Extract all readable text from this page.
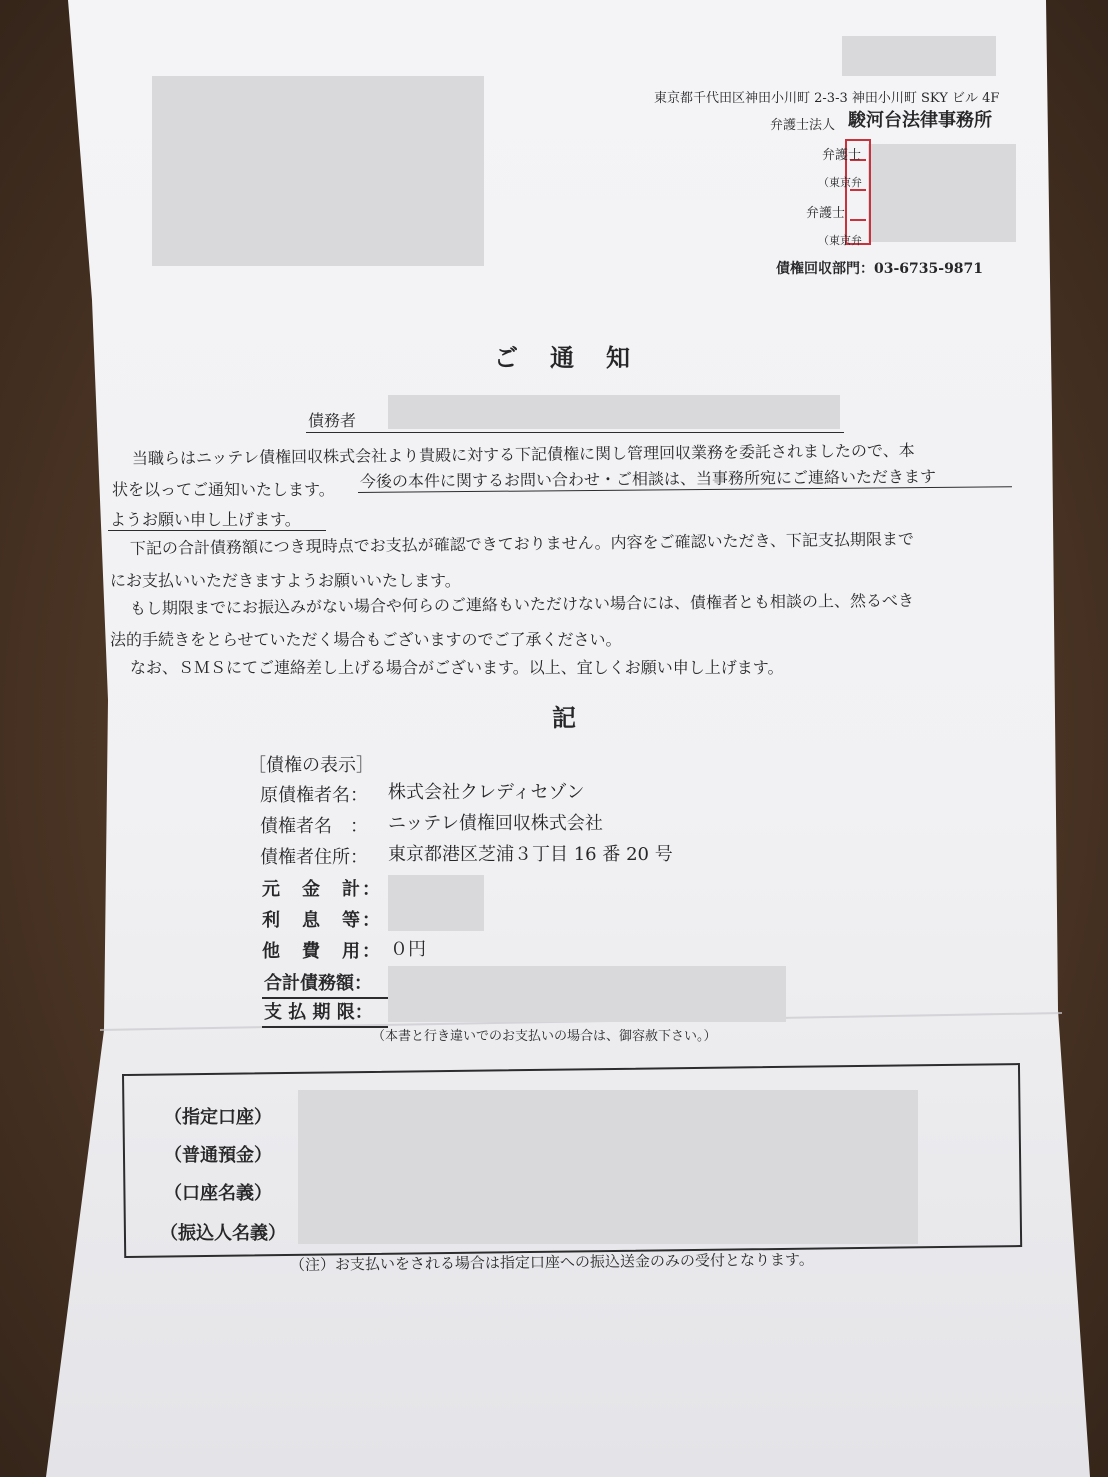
東京都千代田区神田小川町 2-3-3 神田小川町 SKY ビル 4F
弁護士法人 駿河台法律事務所
弁護士
（東京弁
弁護士
（東京弁
債権回収部門：03-6735-9871
ご　通　知
債務者
当職らはニッテレ債権回収株式会社より貴殿に対する下記債権に関し管理回収業務を委託されましたので、本
状を以ってご通知いたします。 今後の本件に関するお問い合わせ・ご相談は、当事務所宛にご連絡いただきます
ようお願い申し上げます。
下記の合計債務額につき現時点でお支払が確認できておりません。内容をご確認いただき、下記支払期限まで
にお支払いいただきますようお願いいたします。
もし期限までにお振込みがない場合や何らのご連絡もいただけない場合には、債権者とも相談の上、然るべき
法的手続きをとらせていただく場合もございますのでご了承ください。
なお、ＳＭＳにてご連絡差し上げる場合がございます。以上、宜しくお願い申し上げます。
記
［債権の表示］
原債権者名： 株式会社クレディセゾン
債権者名　： ニッテレ債権回収株式会社
債権者住所： 東京都港区芝浦３丁目 16 番 20 号
元　金　計：
利　息　等：
他　費　用： ０円
合計債務額：
支 払 期 限：
（本書と行き違いでのお支払いの場合は、御容赦下さい。）
（指定口座）
（普通預金）
（口座名義）
（振込人名義）
（注）お支払いをされる場合は指定口座への振込送金のみの受付となります。
